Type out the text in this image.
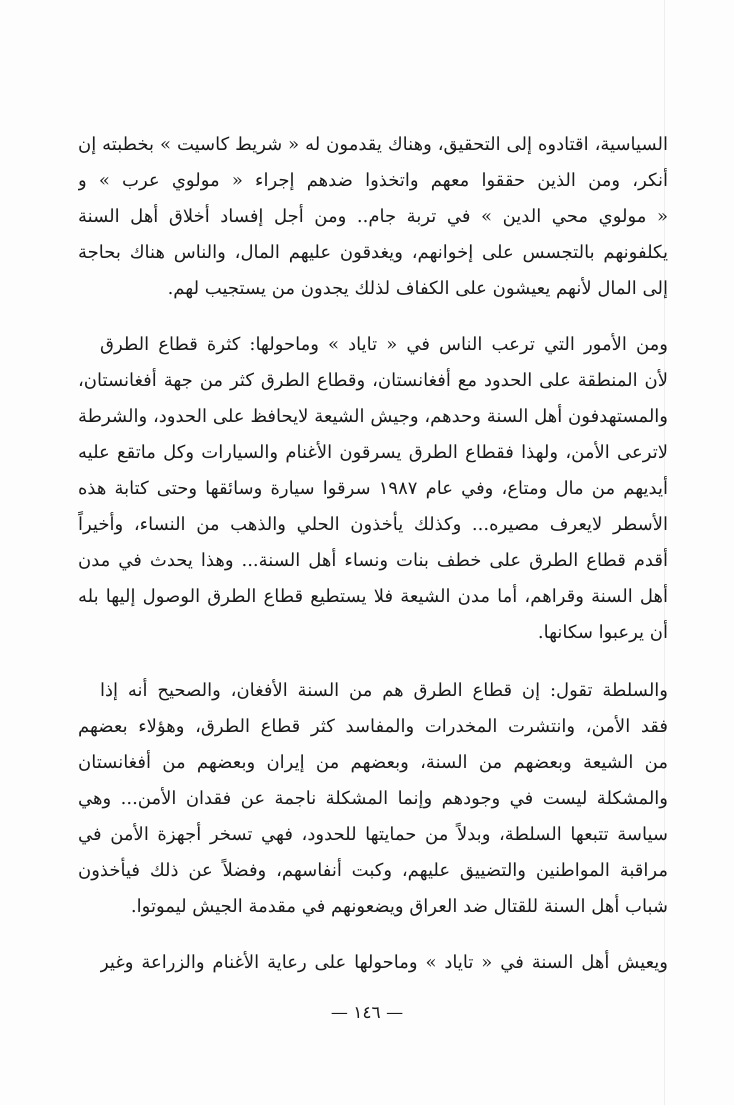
السياسية، اقتادوه إلى التحقيق، وهناك يقدمون له « شريط كاسيت » بخطبته إن
أنكر، ومن الذين حققوا معهم واتخذوا ضدهم إجراء « مولوي عرب » و
« مولوي محي الدين » في تربة جام.. ومن أجل إفساد أخلاق أهل السنة
يكلفونهم بالتجسس على إخوانهم، ويغدقون عليهم المال، والناس هناك بحاجة
إلى المال لأنهم يعيشون على الكفاف لذلك يجدون من يستجيب لهم.
ومن الأمور التي ترعب الناس في « تاياد » وماحولها: كثرة قطاع الطرق
لأن المنطقة على الحدود مع أفغانستان، وقطاع الطرق كثر من جهة أفغانستان،
والمستهدفون أهل السنة وحدهم، وجيش الشيعة لايحافظ على الحدود، والشرطة
لاترعى الأمن، ولهذا فقطاع الطرق يسرقون الأغنام والسيارات وكل ماتقع عليه
أيديهم من مال ومتاع، وفي عام ١٩٨٧ سرقوا سيارة وسائقها وحتى كتابة هذه
الأسطر لايعرف مصيره... وكذلك يأخذون الحلي والذهب من النساء، وأخيراً
أقدم قطاع الطرق على خطف بنات ونساء أهل السنة... وهذا يحدث في مدن
أهل السنة وقراهم، أما مدن الشيعة فلا يستطيع قطاع الطرق الوصول إليها بله
أن يرعبوا سكانها.
والسلطة تقول: إن قطاع الطرق هم من السنة الأفغان، والصحيح أنه إذا
فقد الأمن، وانتشرت المخدرات والمفاسد كثر قطاع الطرق، وهؤلاء بعضهم
من الشيعة وبعضهم من السنة، وبعضهم من إيران وبعضهم من أفغانستان
والمشكلة ليست في وجودهم وإنما المشكلة ناجمة عن فقدان الأمن... وهي
سياسة تتبعها السلطة، وبدلاً من حمايتها للحدود، فهي تسخر أجهزة الأمن في
مراقبة المواطنين والتضييق عليهم، وكبت أنفاسهم، وفضلاً عن ذلك فيأخذون
شباب أهل السنة للقتال ضد العراق ويضعونهم في مقدمة الجيش ليموتوا.
ويعيش أهل السنة في « تاياد » وماحولها على رعاية الأغنام والزراعة وغير
— ١٤٦ —
